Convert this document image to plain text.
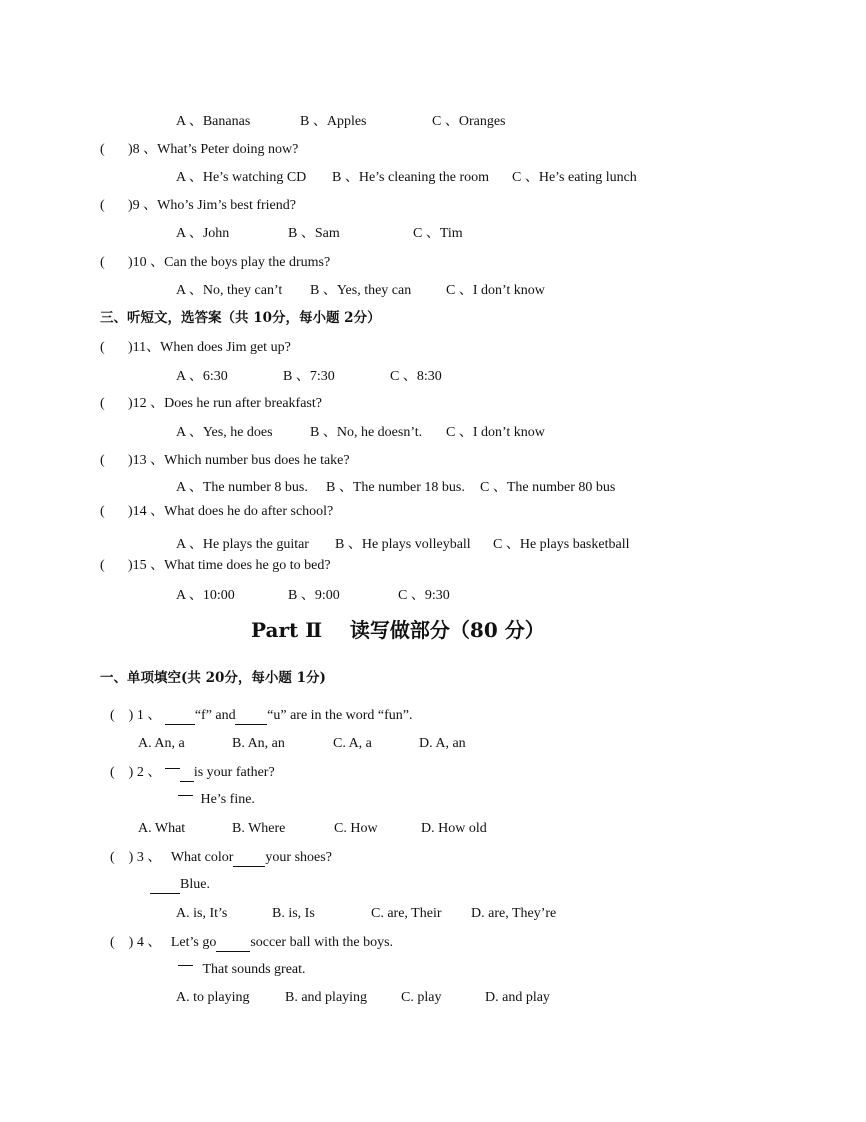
A 、Bananas	B 、Apples	C 、Oranges
( )8 、What’s Peter doing now?
A 、He’s watching CD B 、He’s cleaning the room C 、He’s eating lunch
( )9 、Who’s Jim’s best friend?
A 、John	B 、Sam	C 、Tim
( )10 、Can the boys play the drums?
A 、No, they can’t B 、Yes, they can C 、I don’t know
三、听短文，选答案（共 10分，每小题 2分）
( )11、When does Jim get up?
A 、6:30	B 、7:30	C 、8:30
( )12 、Does he run after breakfast?
A 、Yes, he does	B 、No, he doesn’t. C 、I don’t know
( )13 、Which number bus does he take?
A 、The number 8 bus. B 、The number 18 bus. C 、The number 80 bus
( )14 、What does he do after school?
A 、He plays the guitar B 、He plays volleyball C 、He plays basketball
( )15 、What time does he go to bed?
A 、10:00	B 、9:00	C 、9:30
Part Ⅱ    读写做部分（80 分）
一、单项填空(共 20分，每小题 1分)
(    ) 1 、 “f” and “u” are in the word “fun”.
A. An, a	B. An, an	C. A, a	D. A, an
(    ) 2 、 is your father?
He’s fine.
A. What	B. Where	C. How	D. How old
(    ) 3 、 What color your shoes?
Blue.
A. is, It’s	B. is, Is	C. are, Their D. are, They’re
(    ) 4 、 Let’s go soccer ball with the boys.
That sounds great.
A. to playing	B. and playing C. play	D. and play
